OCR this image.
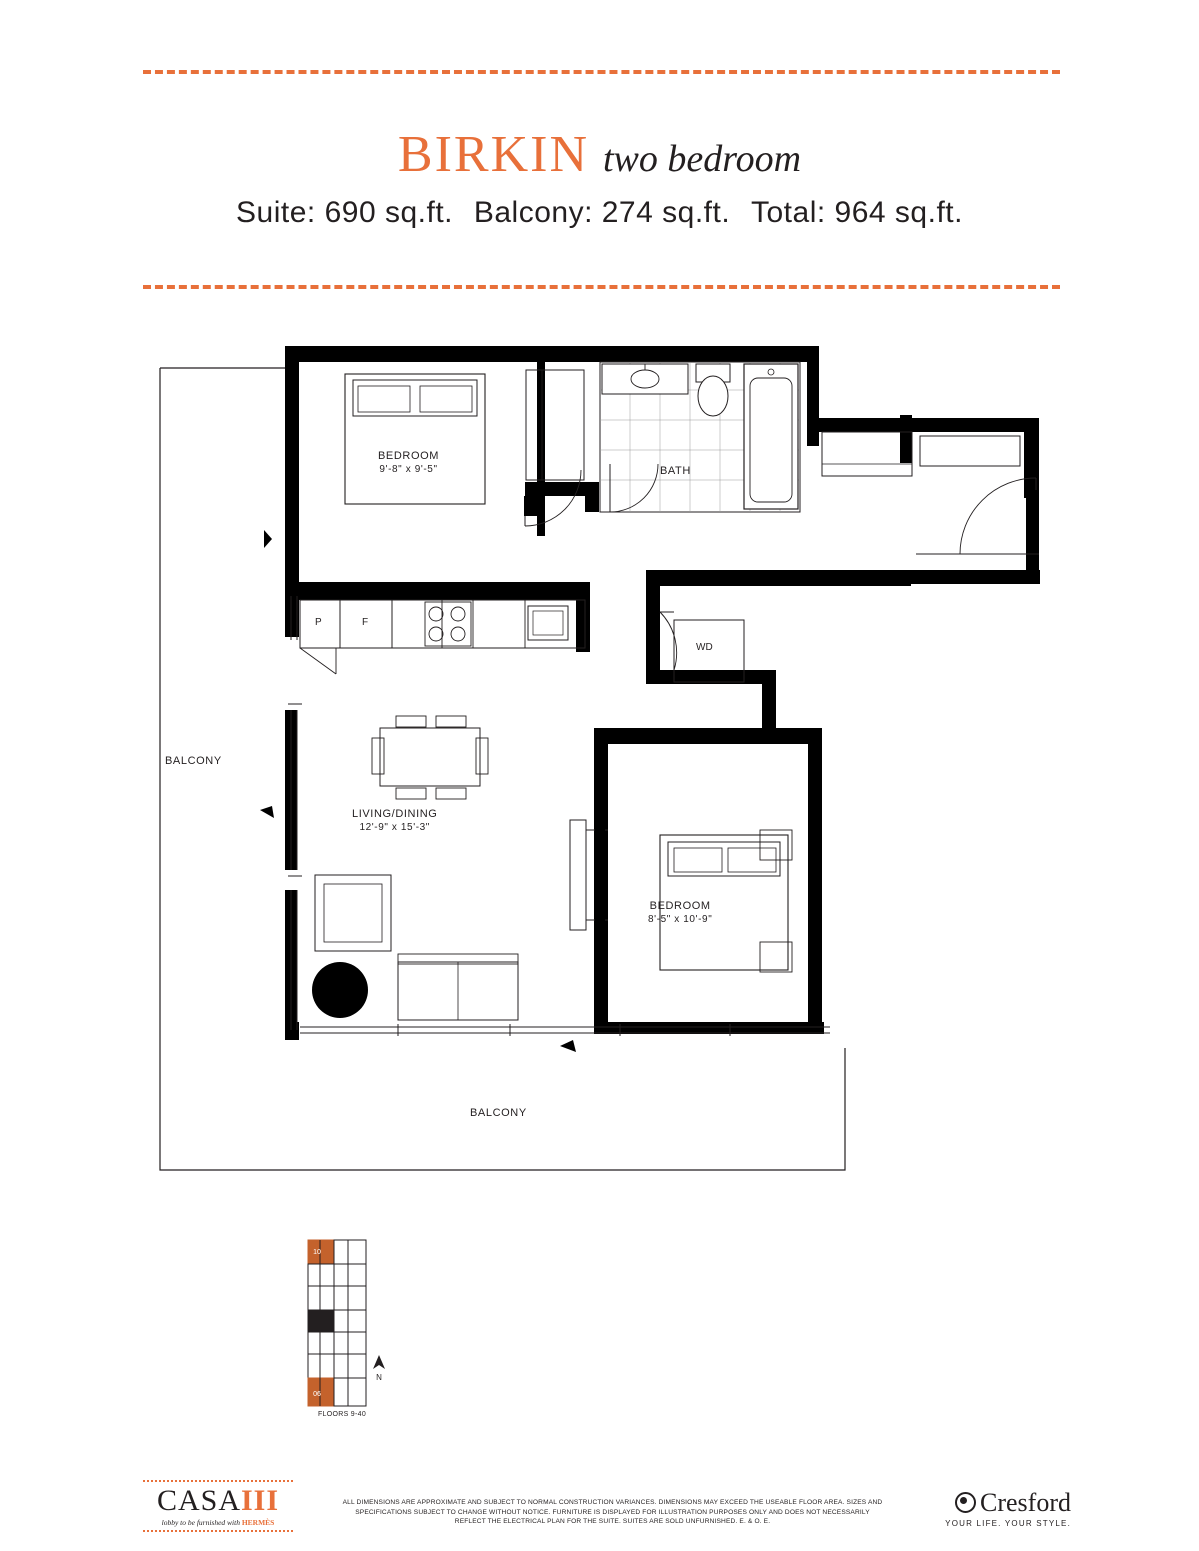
BIRKIN two bedroom
Suite: 690 sq.ft. Balcony: 274 sq.ft. Total: 964 sq.ft.
BEDROOM
9'-8" x 9'-5"	BATH
LIVING/DINING
12'-9" x 15'-3"
BEDROOM
8'-5" x 10'-9"
BALCONY
BALCONY
P	F
WD
10
06
N
FLOORS 9-40
CASAIII
lobby to be furnished with HERMÈS
ALL DIMENSIONS ARE APPROXIMATE AND SUBJECT TO NORMAL CONSTRUCTION VARIANCES. DIMENSIONS MAY EXCEED THE USEABLE FLOOR AREA. SIZES AND SPECIFICATIONS SUBJECT TO CHANGE WITHOUT NOTICE. FURNITURE IS DISPLAYED FOR ILLUSTRATION PURPOSES ONLY AND DOES NOT NECESSARILY REFLECT THE ELECTRICAL PLAN FOR THE SUITE. SUITES ARE SOLD UNFURNISHED. E. & O. E.
Cresford
YOUR LIFE. YOUR STYLE.
